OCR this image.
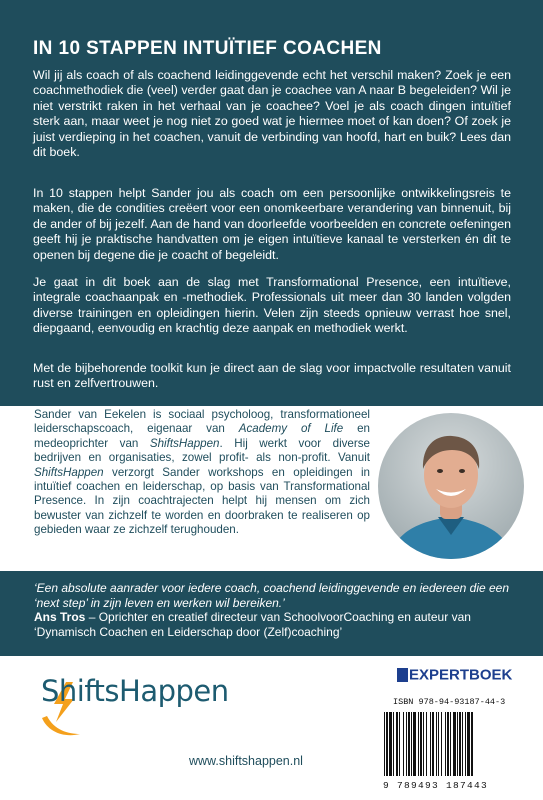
IN 10 STAPPEN INTUÏTIEF COACHEN

Wil jij als coach of als coachend leidinggevende echt het verschil maken? Zoek je een coachmethodiek die (veel) verder gaat dan je coachee van A naar B begeleiden? Wil je niet verstrikt raken in het verhaal van je coachee? Voel je als coach dingen intuïtief sterk aan, maar weet je nog niet zo goed wat je hiermee moet of kan doen? Of zoek je juist verdieping in het coachen, vanuit de verbinding van hoofd, hart en buik? Lees dan dit boek.

In 10 stappen helpt Sander jou als coach om een persoonlijke ontwikkelingsreis te maken, die de condities creëert voor een onomkeerbare verandering van binnenuit, bij de ander of bij jezelf. Aan de hand van doorleefde voorbeelden en concrete oefeningen geeft hij je praktische handvatten om je eigen intuïtieve kanaal te versterken én dit te openen bij degene die je coacht of begeleidt.

Je gaat in dit boek aan de slag met Transformational Presence, een intuïtieve, integrale coachaanpak en -methodiek. Professionals uit meer dan 30 landen volgden diverse trainingen en opleidingen hierin. Velen zijn steeds opnieuw verrast hoe snel, diepgaand, eenvoudig en krachtig deze aanpak en methodiek werkt.

Met de bijbehorende toolkit kun je direct aan de slag voor impactvolle resultaten vanuit rust en zelfvertrouwen.

Sander van Eekelen is sociaal psycholoog, transformationeel leiderschapscoach, eigenaar van Academy of Life en medeoprichter van ShiftsHappen. Hij werkt voor diverse bedrijven en organisaties, zowel profit- als non-profit. Vanuit ShiftsHappen verzorgt Sander workshops en opleidingen in intuïtief coachen en leiderschap, op basis van Transformational Presence. In zijn coachtrajecten helpt hij mensen om zich bewuster van zichzelf te worden en doorbraken te realiseren op gebieden waar ze zichzelf terughouden.

‘Een absolute aanrader voor iedere coach, coachend leidinggevende en iedereen die een ‘next step’ in zijn leven en werken wil bereiken.’
Ans Tros – Oprichter en creatief directeur van SchoolvoorCoaching en auteur van ‘Dynamisch Coachen en Leiderschap door (Zelf)coaching’

ShiftsHappen
www.shiftshappen.nl
EXPERTBOEK
ISBN 978-94-93187-44-3
9 789493 187443
